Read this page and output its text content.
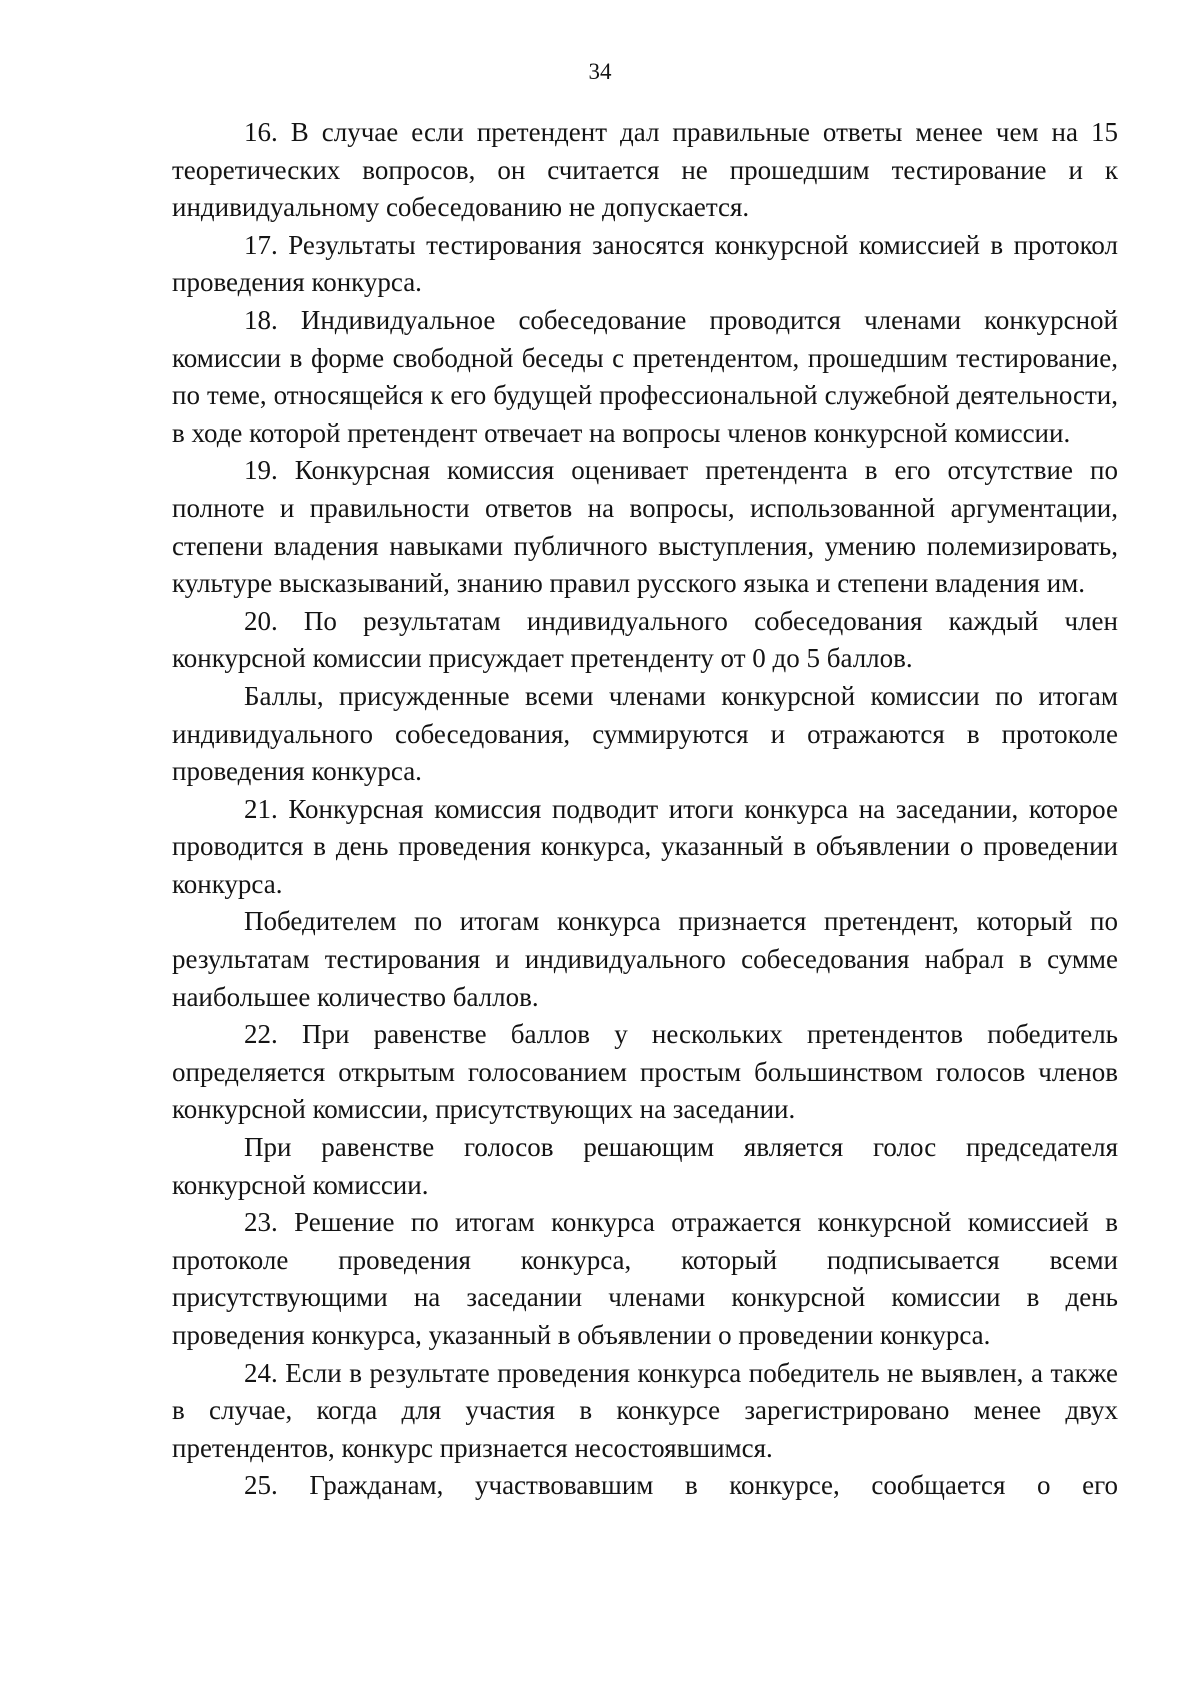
34

16. В случае если претендент дал правильные ответы менее чем на 15 теоретических вопросов, он считается не прошедшим тестирование и к индивидуальному собеседованию не допускается.

17. Результаты тестирования заносятся конкурсной комиссией в протокол проведения конкурса.

18. Индивидуальное собеседование проводится членами конкурсной комиссии в форме свободной беседы с претендентом, прошедшим тестирование, по теме, относящейся к его будущей профессиональной служебной деятельности, в ходе которой претендент отвечает на вопросы членов конкурсной комиссии.

19. Конкурсная комиссия оценивает претендента в его отсутствие по полноте и правильности ответов на вопросы, использованной аргументации, степени владения навыками публичного выступления, умению полемизировать, культуре высказываний, знанию правил русского языка и степени владения им.

20. По результатам индивидуального собеседования каждый член конкурсной комиссии присуждает претенденту от 0 до 5 баллов.

Баллы, присужденные всеми членами конкурсной комиссии по итогам индивидуального собеседования, суммируются и отражаются в протоколе проведения конкурса.

21. Конкурсная комиссия подводит итоги конкурса на заседании, которое проводится в день проведения конкурса, указанный в объявлении о проведении конкурса.

Победителем по итогам конкурса признается претендент, который по результатам тестирования и индивидуального собеседования набрал в сумме наибольшее количество баллов.

22. При равенстве баллов у нескольких претендентов победитель определяется открытым голосованием простым большинством голосов членов конкурсной комиссии, присутствующих на заседании.

При равенстве голосов решающим является голос председателя конкурсной комиссии.

23. Решение по итогам конкурса отражается конкурсной комиссией в протоколе проведения конкурса, который подписывается всеми присутствующими на заседании членами конкурсной комиссии в день проведения конкурса, указанный в объявлении о проведении конкурса.

24. Если в результате проведения конкурса победитель не выявлен, а также в случае, когда для участия в конкурсе зарегистрировано менее двух претендентов, конкурс признается несостоявшимся.

25. Гражданам, участвовавшим в конкурсе, сообщается о его
